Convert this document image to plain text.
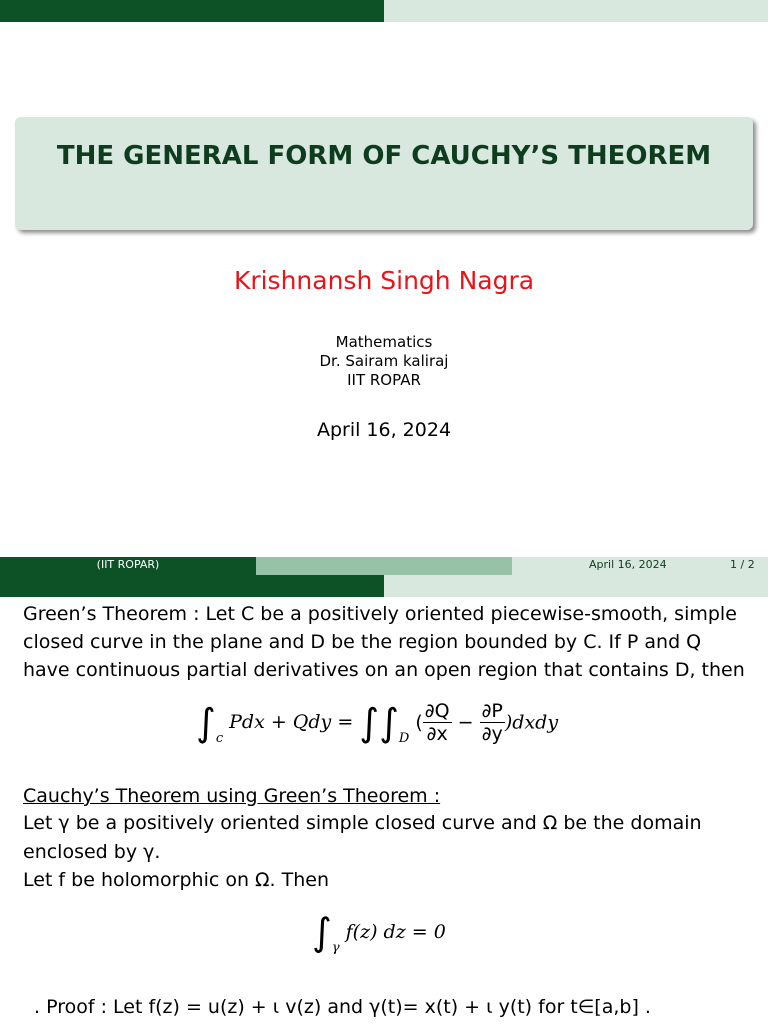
THE GENERAL FORM OF CAUCHY’S THEOREM
Krishnansh Singh Nagra
Mathematics
Dr. Sairam kaliraj
IIT ROPAR
April 16, 2024
(IIT ROPAR)	April 16, 2024	1 / 2
Green’s Theorem : Let C be a positively oriented piecewise-smooth, simple
closed curve in the plane and D be the region bounded by C. If P and Q
have continuous partial derivatives on an open region that contains D, then
$\int_c$ Pdx + Qdy = $\int\int_D$ ( $\frac{\partial Q}{\partial x} - \frac{\partial P}{\partial y}$ )dxdy
Cauchy’s Theorem using Green’s Theorem :
Let γ be a positively oriented simple closed curve and Ω be the domain
enclosed by γ.
Let f be holomorphic on Ω. Then
$\int_\gamma$ f(z) dz = 0
. Proof : Let f(z) = u(z) + ι v(z) and γ(t)= x(t) + ι y(t) for t∈[a,b] .
